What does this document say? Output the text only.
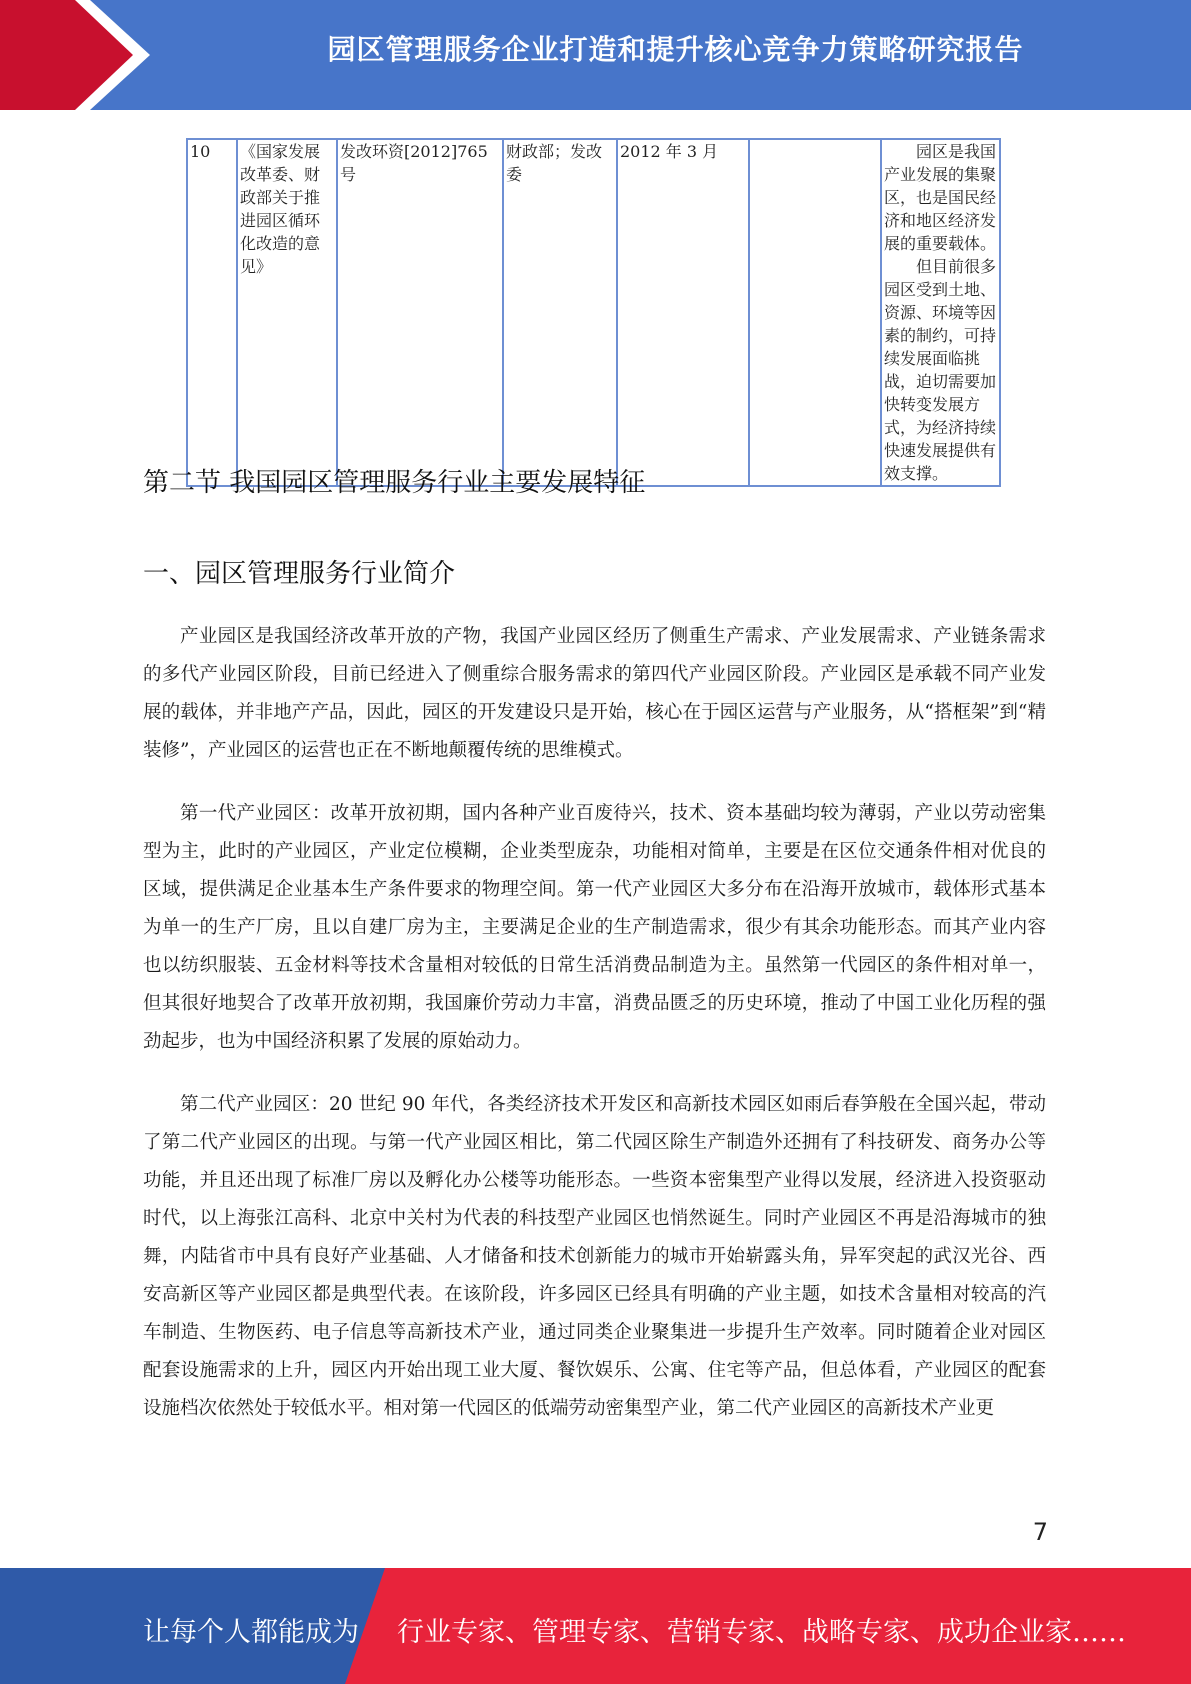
园区管理服务企业打造和提升核心竞争力策略研究报告
10	《国家发展改革委、财政部关于推进园区循环化改造的意见》	发改环资[2012]765号	财政部；发改委	2012 年 3 月		园区是我国产业发展的集聚区，也是国民经济和地区经济发展的重要载体。

但目前很多园区受到土地、资源、环境等因素的制约，可持续发展面临挑战，迫切需要加快转变发展方式，为经济持续快速发展提供有效支撑。

第二节 我国园区管理服务行业主要发展特征
一、园区管理服务行业简介

产业园区是我国经济改革开放的产物，我国产业园区经历了侧重生产需求、产业发展需求、产业链条需求的多代产业园区阶段，目前已经进入了侧重综合服务需求的第四代产业园区阶段。产业园区是承载不同产业发展的载体，并非地产产品，因此，园区的开发建设只是开始，核心在于园区运营与产业服务，从“搭框架”到“精装修”，产业园区的运营也正在不断地颠覆传统的思维模式。

第一代产业园区：改革开放初期，国内各种产业百废待兴，技术、资本基础均较为薄弱，产业以劳动密集型为主，此时的产业园区，产业定位模糊，企业类型庞杂，功能相对简单，主要是在区位交通条件相对优良的区域，提供满足企业基本生产条件要求的物理空间。第一代产业园区大多分布在沿海开放城市，载体形式基本为单一的生产厂房，且以自建厂房为主，主要满足企业的生产制造需求，很少有其余功能形态。而其产业内容也以纺织服装、五金材料等技术含量相对较低的日常生活消费品制造为主。虽然第一代园区的条件相对单一，但其很好地契合了改革开放初期，我国廉价劳动力丰富，消费品匮乏的历史环境，推动了中国工业化历程的强劲起步，也为中国经济积累了发展的原始动力。

第二代产业园区：20 世纪 90 年代，各类经济技术开发区和高新技术园区如雨后春笋般在全国兴起，带动了第二代产业园区的出现。与第一代产业园区相比，第二代园区除生产制造外还拥有了科技研发、商务办公等功能，并且还出现了标准厂房以及孵化办公楼等功能形态。一些资本密集型产业得以发展，经济进入投资驱动时代，以上海张江高科、北京中关村为代表的科技型产业园区也悄然诞生。同时产业园区不再是沿海城市的独舞，内陆省市中具有良好产业基础、人才储备和技术创新能力的城市开始崭露头角，异军突起的武汉光谷、西安高新区等产业园区都是典型代表。在该阶段，许多园区已经具有明确的产业主题，如技术含量相对较高的汽车制造、生物医药、电子信息等高新技术产业，通过同类企业聚集进一步提升生产效率。同时随着企业对园区配套设施需求的上升，园区内开始出现工业大厦、餐饮娱乐、公寓、住宅等产品，但总体看，产业园区的配套设施档次依然处于较低水平。相对第一代园区的低端劳动密集型产业，第二代产业园区的高新技术产业更

7
让每个人都能成为 行业专家、管理专家、营销专家、战略专家、成功企业家……
